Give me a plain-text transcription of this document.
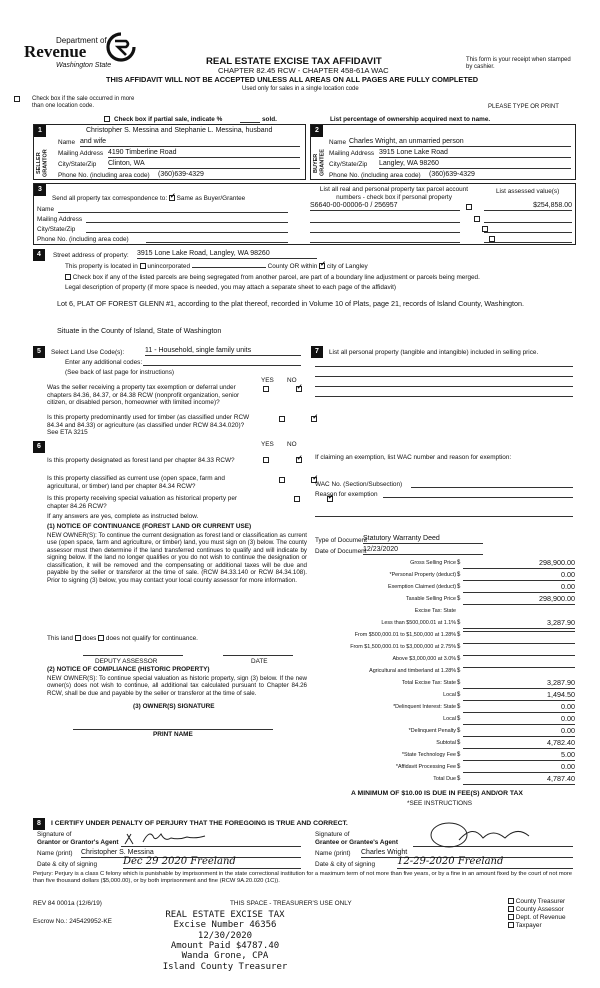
Department of
Revenue
Washington State	REAL ESTATE EXCISE TAX AFFIDAVIT
CHAPTER 82.45 RCW - CHAPTER 458-61A WAC
THIS AFFIDAVIT WILL NOT BE ACCEPTED UNLESS ALL AREAS ON ALL PAGES ARE FULLY COMPLETED
Used only for sales in a single location code
This form is your receipt when stamped by cashier.
Check box if the sale occurred in more than one location code.	PLEASE TYPE OR PRINT
Check box if partial sale, indicate %	sold.	List percentage of ownership acquired next to name.
1
SELLER GRANTOR
Christopher S. Messina and Stephanie L. Messina, husband
Name and wife
Mailing Address 4190 Timberline Road
City/State/Zip Clinton, WA
Phone No. (including area code) (360)639-4329
2
BUYER GRANTEE
Name Charles Wright, an unmarried person
Mailing Address 3915 Lone Lake Road
City/State/Zip Langley, WA 98260
Phone No. (including area code) (360)639-4329
3
Send all property tax correspondence to: ✓ Same as Buyer/Grantee
Name
Mailing Address
City/State/Zip
Phone No. (including area code)
List all real and personal property tax parcel account numbers - check box if personal property
List assessed value(s)
S6640-00-00006-0 / 256957
	$254,858.00

4	Street address of property: 3915 Lone Lake Road, Langley, WA 98260
This property is located in unincorporated	County OR within ✓ city of Langley
Check box if any of the listed parcels are being segregated from another parcel, are part of a boundary line adjustment or parcels being merged.
Legal description of property (if more space is needed, you may attach a separate sheet to each page of the affidavit)
Lot 6, PLAT OF FOREST GLENN #1, according to the plat thereof, recorded in Volume 10 of Plats, page 21, records of Island County, Washington.
Situate in the County of Island, State of Washington
5	Select Land Use Code(s):	11 - Household, single family units
Enter any additional codes:
(See back of last page for instructions)
YES NO
Was the seller receiving a property tax exemption or deferral under chapters 84.36, 84.37, or 84.38 RCW (nonprofit organization, senior citizen, or disabled person, homeowner with limited income)?
✓
Is this property predominantly used for timber (as classified under RCW 84.34 and 84.33) or agriculture (as classified under RCW 84.34.020)? See ETA 3215
✓
6	YES NO
Is this property designated as forest land per chapter 84.33 RCW?
✓
Is this property classified as current use (open space, farm and agricultural, or timber) land per chapter 84.34 RCW?
✓
Is this property receiving special valuation as historical property per chapter 84.26 RCW?
✓
If any answers are yes, complete as instructed below.
(1) NOTICE OF CONTINUANCE (FOREST LAND OR CURRENT USE)
NEW OWNER(S): To continue the current designation as forest land or classification as current use (open space, farm and agriculture, or timber) land, you must sign on (3) below. The county assessor must then determine if the land transferred continues to qualify and will indicate by signing below. If the land no longer qualifies or you do not wish to continue the designation or classification, it will be removed and the compensating or additional taxes will be due and payable by the seller or transferor at the time of sale. (RCW 84.33.140 or RCW 84.34.108). Prior to signing (3) below, you may contact your local county assessor for more information.
This land does does not qualify for continuance.
DEPUTY ASSESSOR	DATE
(2) NOTICE OF COMPLIANCE (HISTORIC PROPERTY)
NEW OWNER(S): To continue special valuation as historic property, sign (3) below. If the new owner(s) does not wish to continue, all additional tax calculated pursuant to Chapter 84.26 RCW, shall be due and payable by the seller or transferor at the time of sale.
(3) OWNER(S) SIGNATURE
PRINT NAME
7	List all personal property (tangible and intangible) included in selling price.
If claiming an exemption, list WAC number and reason for exemption:
WAC No. (Section/Subsection)
Reason for exemption
Type of Document
Statutory Warranty Deed
Date of Document
12/23/2020
Gross Selling Price $	298,900.00
*Personal Property (deduct) $	0.00
Exemption Claimed (deduct) $	0.00
Taxable Selling Price $	298,900.00
Excise Tax: State
Less than $500,000.01 at 1.1% $	3,287.90
From $500,000.01 to $1,500,000 at 1.28% $
From $1,500,000.01 to $3,000,000 at 2.75% $
Above $3,000,000 at 3.0% $
Agricultural and timberland at 1.28% $
Total Excise Tax: State $	3,287.90
Local $	1,494.50
*Delinquent Interest: State $	0.00
Local $	0.00
*Delinquent Penalty $	0.00
Subtotal $	4,782.40
*State Technology Fee $	5.00
*Affidavit Processing Fee $	0.00
Total Due $	4,787.40
A MINIMUM OF $10.00 IS DUE IN FEE(S) AND/OR TAX
*SEE INSTRUCTIONS
8	I CERTIFY UNDER PENALTY OF PERJURY THAT THE FOREGOING IS TRUE AND CORRECT.
Signature of
Grantor or Grantor's Agent
Name (print) Christopher S. Messina
Date & city of signing	Dec 29 2020 Freeland
Signature of
Grantee or Grantee's Agent
Name (print) Charles Wright
Date & city of signing 12-29-2020 Freeland
Perjury: Perjury is a class C felony which is punishable by imprisonment in the state correctional institution for a maximum term of not more than five years, or by a fine in an amount fixed by the court of not more than five thousand dollars ($5,000.00), or by both imprisonment and fine (RCW 9A.20.020 (1C)).
REV 84 0001a (12/6/19)	THIS SPACE - TREASURER'S USE ONLY
Escrow No.: 245429952-KE
County Treasurer
County Assessor
Dept. of Revenue
Taxpayer
REAL ESTATE EXCISE TAX
Excise Number 46356
12/30/2020
Amount Paid $4787.40
Wanda Grone, CPA
Island County Treasurer
